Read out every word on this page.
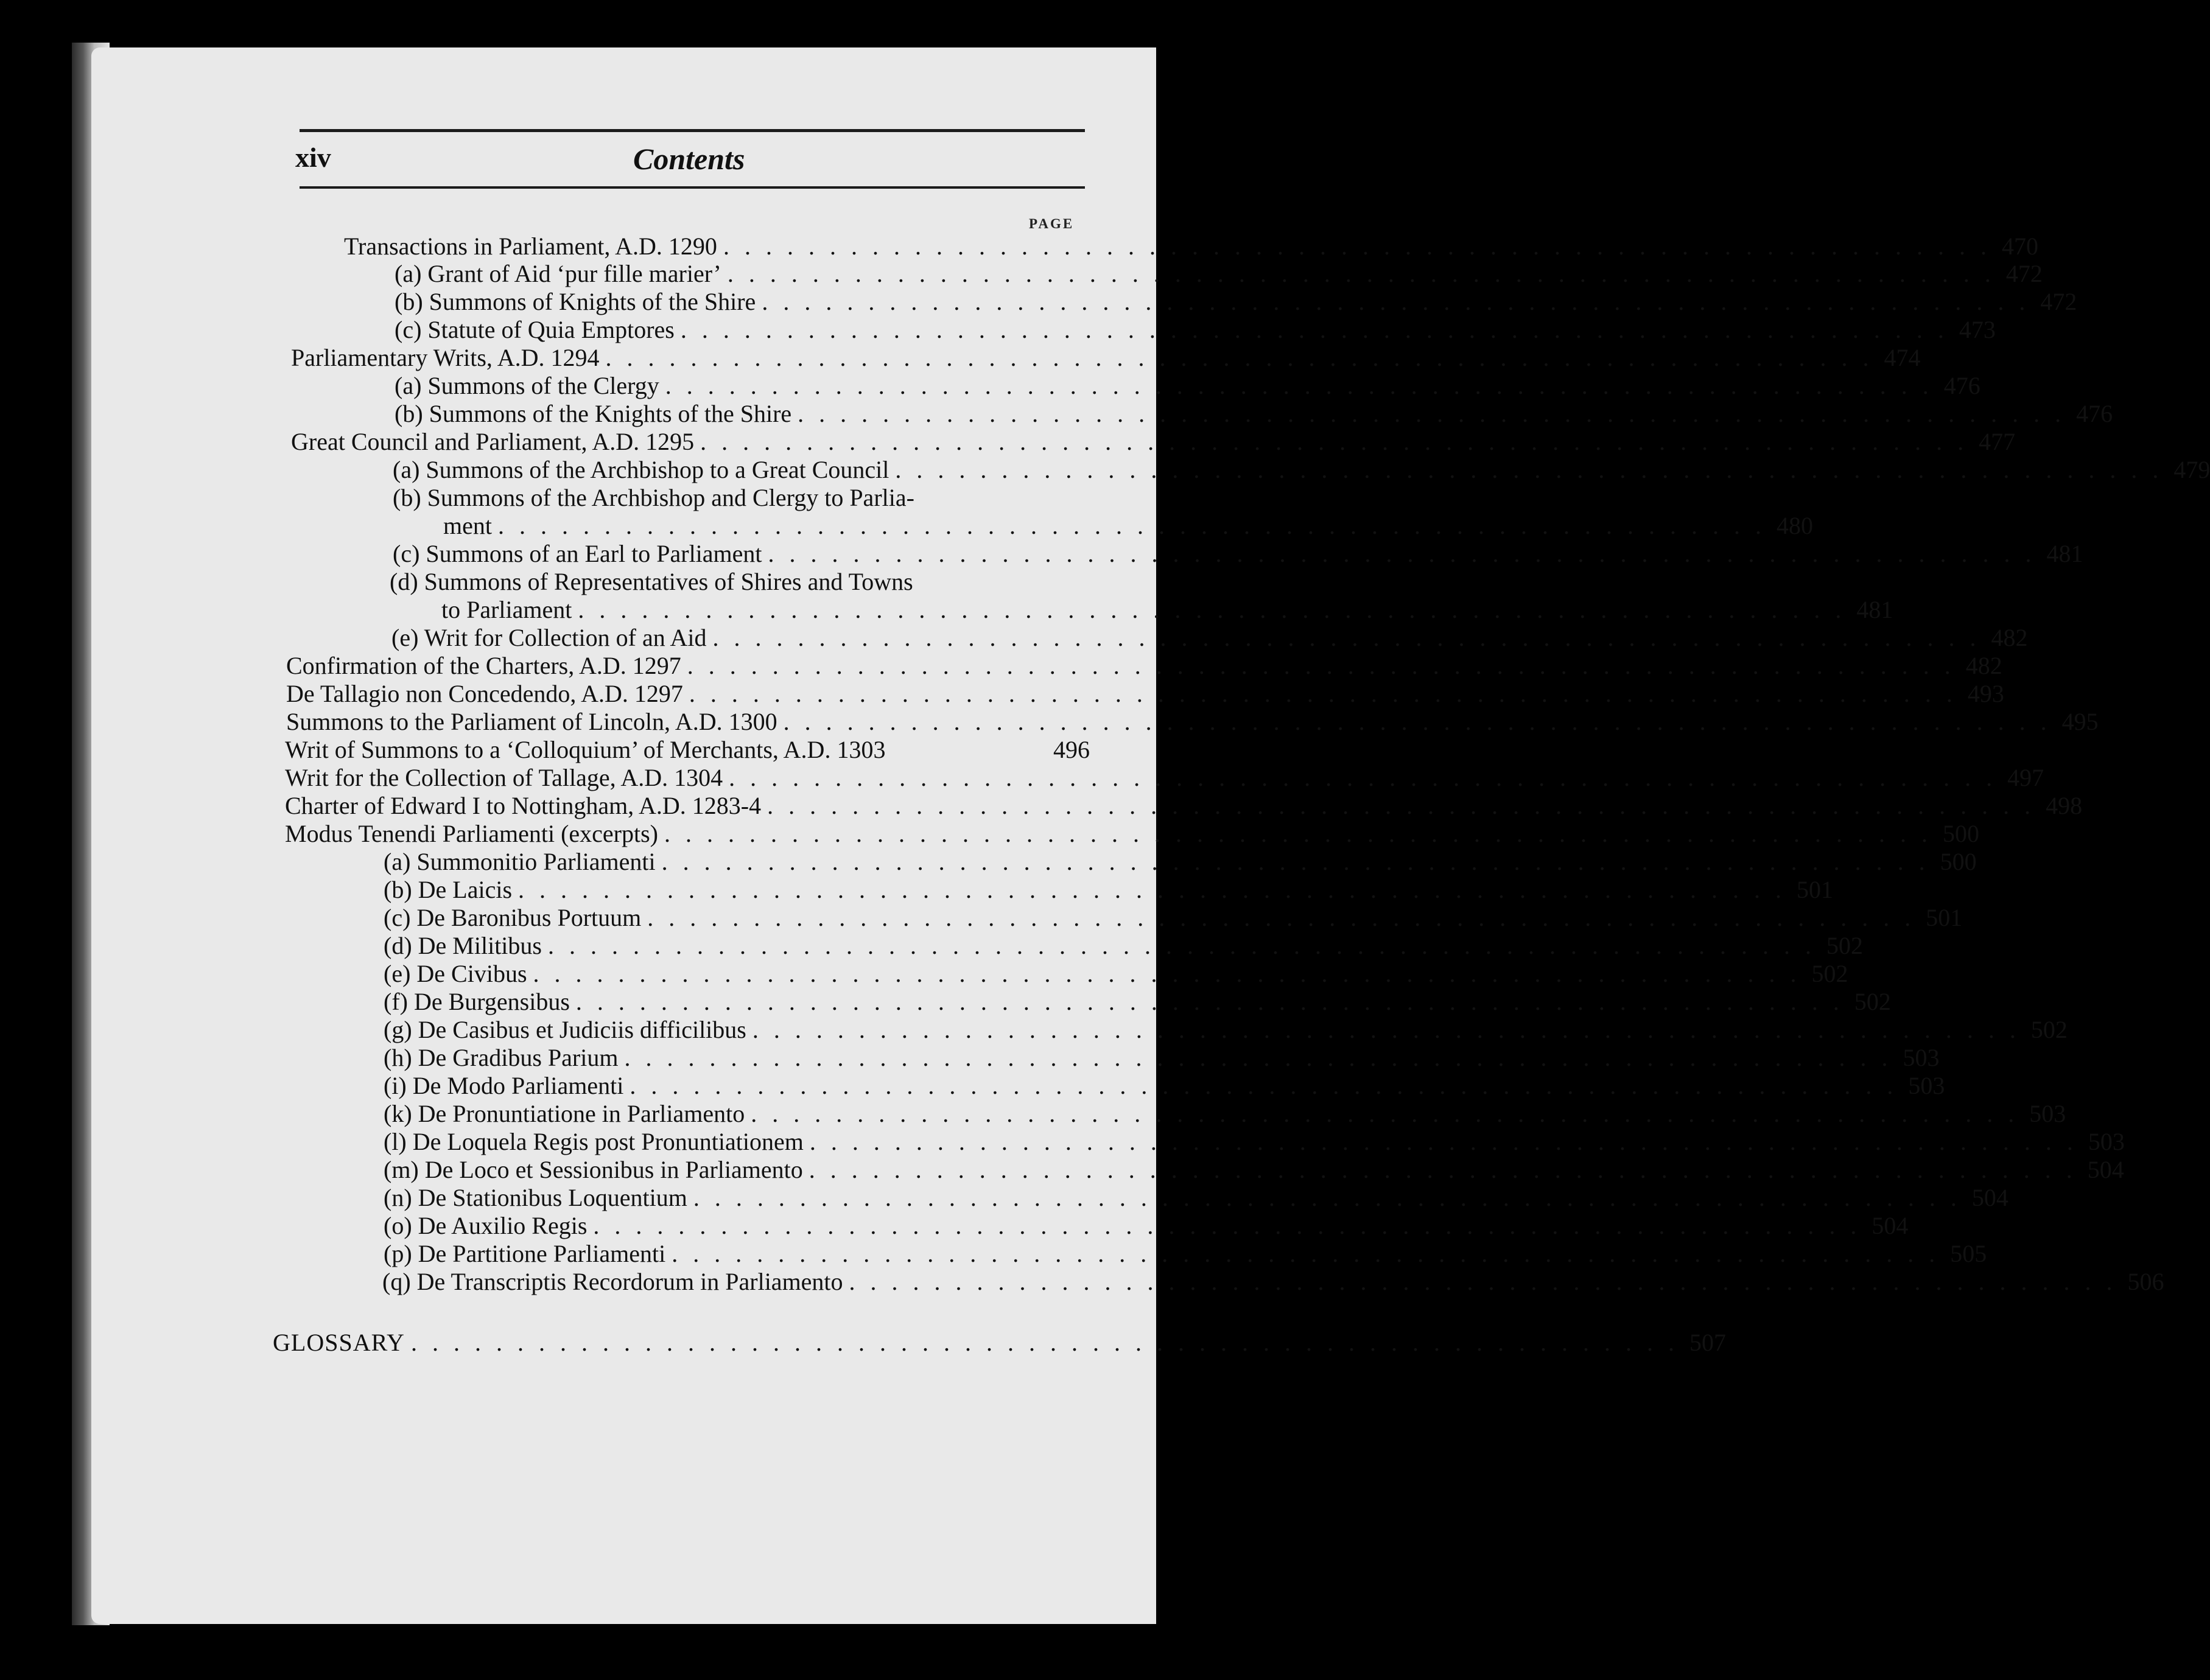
xiv	Contents
PAGE
Transactions in Parliament, A.D. 1290 ............................................................ 470
(a) Grant of Aid ‘pur fille marier’ ............................................................ 472
(b) Summons of Knights of the Shire ............................................................ 472
(c) Statute of Quia Emptores ............................................................ 473
Parliamentary Writs, A.D. 1294 ............................................................ 474
(a) Summons of the Clergy ............................................................ 476
(b) Summons of the Knights of the Shire ............................................................ 476
Great Council and Parliament, A.D. 1295 ............................................................ 477
(a) Summons of the Archbishop to a Great Council ............................................................ 479
(b) Summons of the Archbishop and Clergy to Parlia-
ment ............................................................ 480
(c) Summons of an Earl to Parliament ............................................................ 481
(d) Summons of Representatives of Shires and Towns
to Parliament ............................................................ 481
(e) Writ for Collection of an Aid ............................................................ 482
Confirmation of the Charters, A.D. 1297 ............................................................ 482
De Tallagio non Concedendo, A.D. 1297 ............................................................ 493
Summons to the Parliament of Lincoln, A.D. 1300 ............................................................ 495
Writ of Summons to a ‘Colloquium’ of Merchants, A.D. 1303	496
Writ for the Collection of Tallage, A.D. 1304 ............................................................ 497
Charter of Edward I to Nottingham, A.D. 1283-4 ............................................................ 498
Modus Tenendi Parliamenti (excerpts) ............................................................ 500
(a) Summonitio Parliamenti ............................................................ 500
(b) De Laicis ............................................................ 501
(c) De Baronibus Portuum ............................................................ 501
(d) De Militibus ............................................................ 502
(e) De Civibus ............................................................ 502
(f) De Burgensibus ............................................................ 502
(g) De Casibus et Judiciis difficilibus ............................................................ 502
(h) De Gradibus Parium ............................................................ 503
(i) De Modo Parliamenti ............................................................ 503
(k) De Pronuntiatione in Parliamento ............................................................ 503
(l) De Loquela Regis post Pronuntiationem ............................................................ 503
(m) De Loco et Sessionibus in Parliamento ............................................................ 504
(n) De Stationibus Loquentium ............................................................ 504
(o) De Auxilio Regis ............................................................ 504
(p) De Partitione Parliamenti ............................................................ 505
(q) De Transcriptis Recordorum in Parliamento ............................................................ 506
GLOSSARY ............................................................ 507
